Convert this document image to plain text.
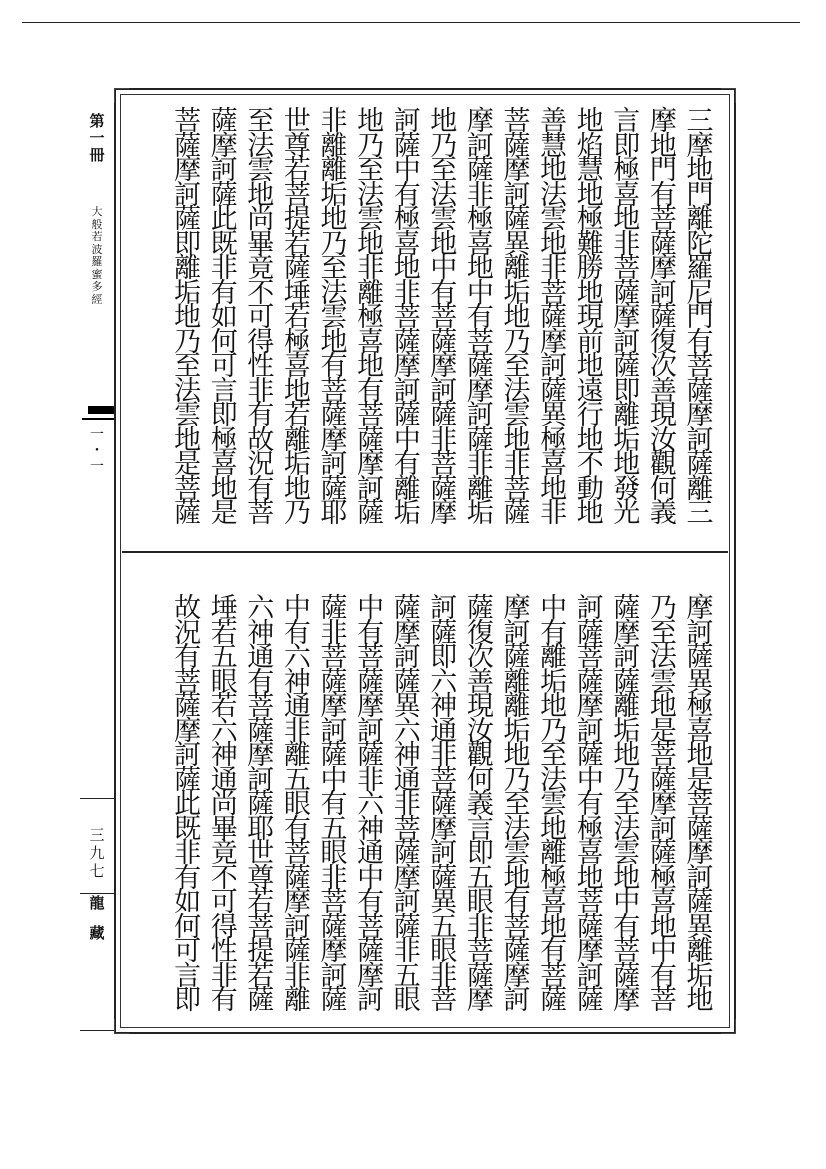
第
一
冊
大
般
若
波
羅
蜜
多
經
一
・
一
三
九
七
龍
藏
三
摩
地
門
離
陀
羅
尼
門
有
菩
薩
摩
訶
薩
離
三
摩
地
門
有
菩
薩
摩
訶
薩
復
次
善
現
汝
觀
何
義
言
即
極
喜
地
非
菩
薩
摩
訶
薩
即
離
垢
地
發
光
地
焰
慧
地
極
難
勝
地
現
前
地
遠
行
地
不
動
地
善
慧
地
法
雲
地
非
菩
薩
摩
訶
薩
異
極
喜
地
非
菩
薩
摩
訶
薩
異
離
垢
地
乃
至
法
雲
地
非
菩
薩
摩
訶
薩
非
極
喜
地
中
有
菩
薩
摩
訶
薩
非
離
垢
地
乃
至
法
雲
地
中
有
菩
薩
摩
訶
薩
非
菩
薩
摩
訶
薩
中
有
極
喜
地
非
菩
薩
摩
訶
薩
中
有
離
垢
地
乃
至
法
雲
地
非
離
極
喜
地
有
菩
薩
摩
訶
薩
非
離
離
垢
地
乃
至
法
雲
地
有
菩
薩
摩
訶
薩
耶
世
尊
若
菩
提
若
薩
埵
若
極
喜
地
若
離
垢
地
乃
至
法
雲
地
尚
畢
竟
不
可
得
性
非
有
故
況
有
菩
薩
摩
訶
薩
此
既
非
有
如
何
可
言
即
極
喜
地
是
菩
薩
摩
訶
薩
即
離
垢
地
乃
至
法
雲
地
是
菩
薩
摩
訶
薩
異
極
喜
地
是
菩
薩
摩
訶
薩
異
離
垢
地
乃
至
法
雲
地
是
菩
薩
摩
訶
薩
極
喜
地
中
有
菩
薩
摩
訶
薩
離
垢
地
乃
至
法
雲
地
中
有
菩
薩
摩
訶
薩
菩
薩
摩
訶
薩
中
有
極
喜
地
菩
薩
摩
訶
薩
中
有
離
垢
地
乃
至
法
雲
地
離
極
喜
地
有
菩
薩
摩
訶
薩
離
離
垢
地
乃
至
法
雲
地
有
菩
薩
摩
訶
薩
復
次
善
現
汝
觀
何
義
言
即
五
眼
非
菩
薩
摩
訶
薩
即
六
神
通
非
菩
薩
摩
訶
薩
異
五
眼
非
菩
薩
摩
訶
薩
異
六
神
通
非
菩
薩
摩
訶
薩
非
五
眼
中
有
菩
薩
摩
訶
薩
非
六
神
通
中
有
菩
薩
摩
訶
薩
非
菩
薩
摩
訶
薩
中
有
五
眼
非
菩
薩
摩
訶
薩
中
有
六
神
通
非
離
五
眼
有
菩
薩
摩
訶
薩
非
離
六
神
通
有
菩
薩
摩
訶
薩
耶
世
尊
若
菩
提
若
薩
埵
若
五
眼
若
六
神
通
尚
畢
竟
不
可
得
性
非
有
故
況
有
菩
薩
摩
訶
薩
此
既
非
有
如
何
可
言
即
